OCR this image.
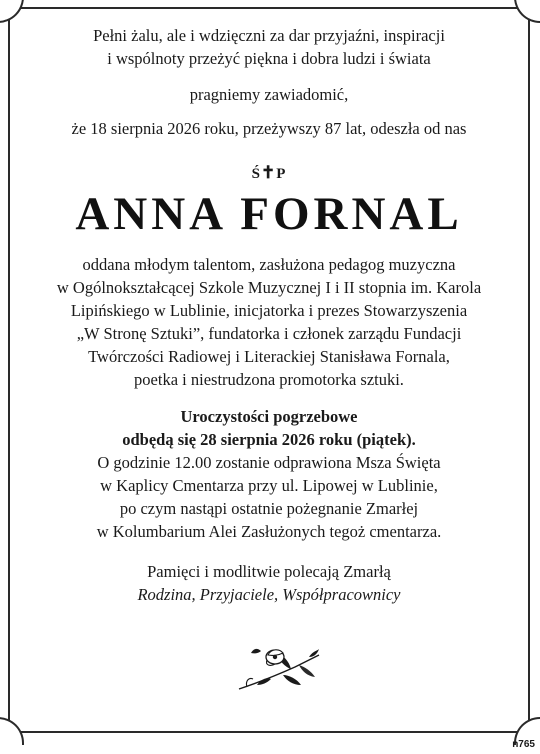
Pełni żalu, ale i wdzięczni za dar przyjaźni, inspiracji
i wspólnoty przeżyć pięknа i dobra ludzi i świata
pragniemy zawiadomić,
że 18 sierpnia 2026 roku, przeżywszy 87 lat, odeszła od nas
Ś✝P
ANNA FORNAL
oddana młodym talentom, zasłużona pedagog muzyczna
w Ogólnokształcącej Szkole Muzycznej I i II stopnia im. Karola
Lipińskiego w Lublinie, inicjatorka i prezes Stowarzyszenia
„W Stronę Sztuki”, fundatorka i członek zarządu Fundacji
Twórczości Radiowej i Literackiej Stanisława Fornala,
poetka i niestrudzona promotorka sztuki.
Uroczystości pogrzebowe
odbędą się 28 sierpnia 2026 roku (piątek).
O godzinie 12.00 zostanie odprawiona Msza Święta
w Kaplicy Cmentarza przy ul. Lipowej w Lublinie,
po czym nastąpi ostatnie pożegnanie Zmarłej
w Kolumbarium Alei Zasłużonych tegoż cmentarza.
Pamięci i modlitwie polecają Zmarłą
Rodzina, Przyjaciele, Współpracownicy
n765
